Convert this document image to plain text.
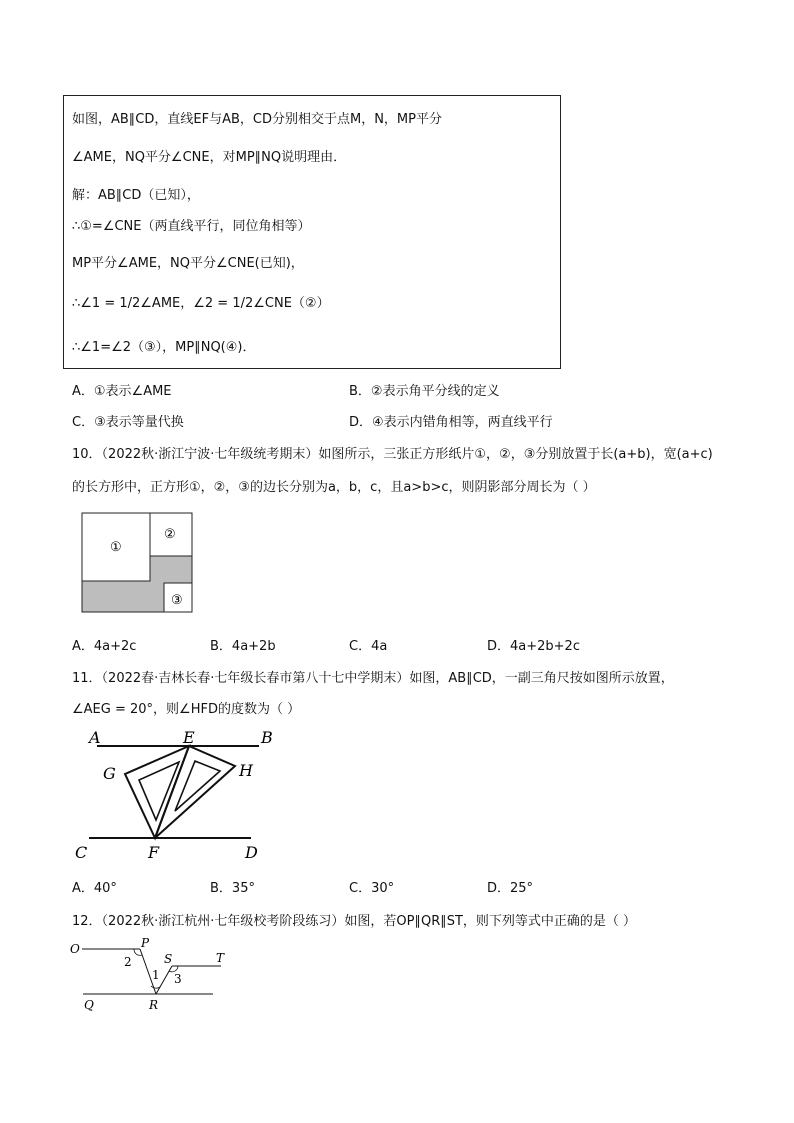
如图，AB∥CD，直线EF与AB，CD分别相交于点M，N，MP平分
∠AME，NQ平分∠CNE，对MP∥NQ说明理由．
解：AB∥CD（已知），
∴①=∠CNE（两直线平行，同位角相等）
MP平分∠AME，NQ平分∠CNE(已知)，
∴∠1 = 1/2∠AME，∠2 = 1/2∠CNE（②）
∴∠1=∠2（③），MP∥NQ(④)．
A．①表示∠AME	B．②表示角平分线的定义
C．③表示等量代换	D．④表示内错角相等，两直线平行
10．（2022秋·浙江宁波·七年级统考期末）如图所示，三张正方形纸片①，②，③分别放置于长(a+b)，宽(a+c)
的长方形中，正方形①，②，③的边长分别为a，b，c，且a>b>c，则阴影部分周长为（ ）
①
②
③
A．4a+2c	B．4a+2b	C．4a	D．4a+2b+2c
11．（2022春·吉林长春·七年级长春市第八十七中学期末）如图，AB∥CD，一副三角尺按如图所示放置，
∠AEG = 20°，则∠HFD的度数为（ ）
A	E	B
G	H
C	F	D
A．40°	B．35°	C．30°	D．25°
12．（2022秋·浙江杭州·七年级校考阶段练习）如图，若OP∥QR∥ST，则下列等式中正确的是（ ）
O	P
2	S	T
1 3
Q	R
